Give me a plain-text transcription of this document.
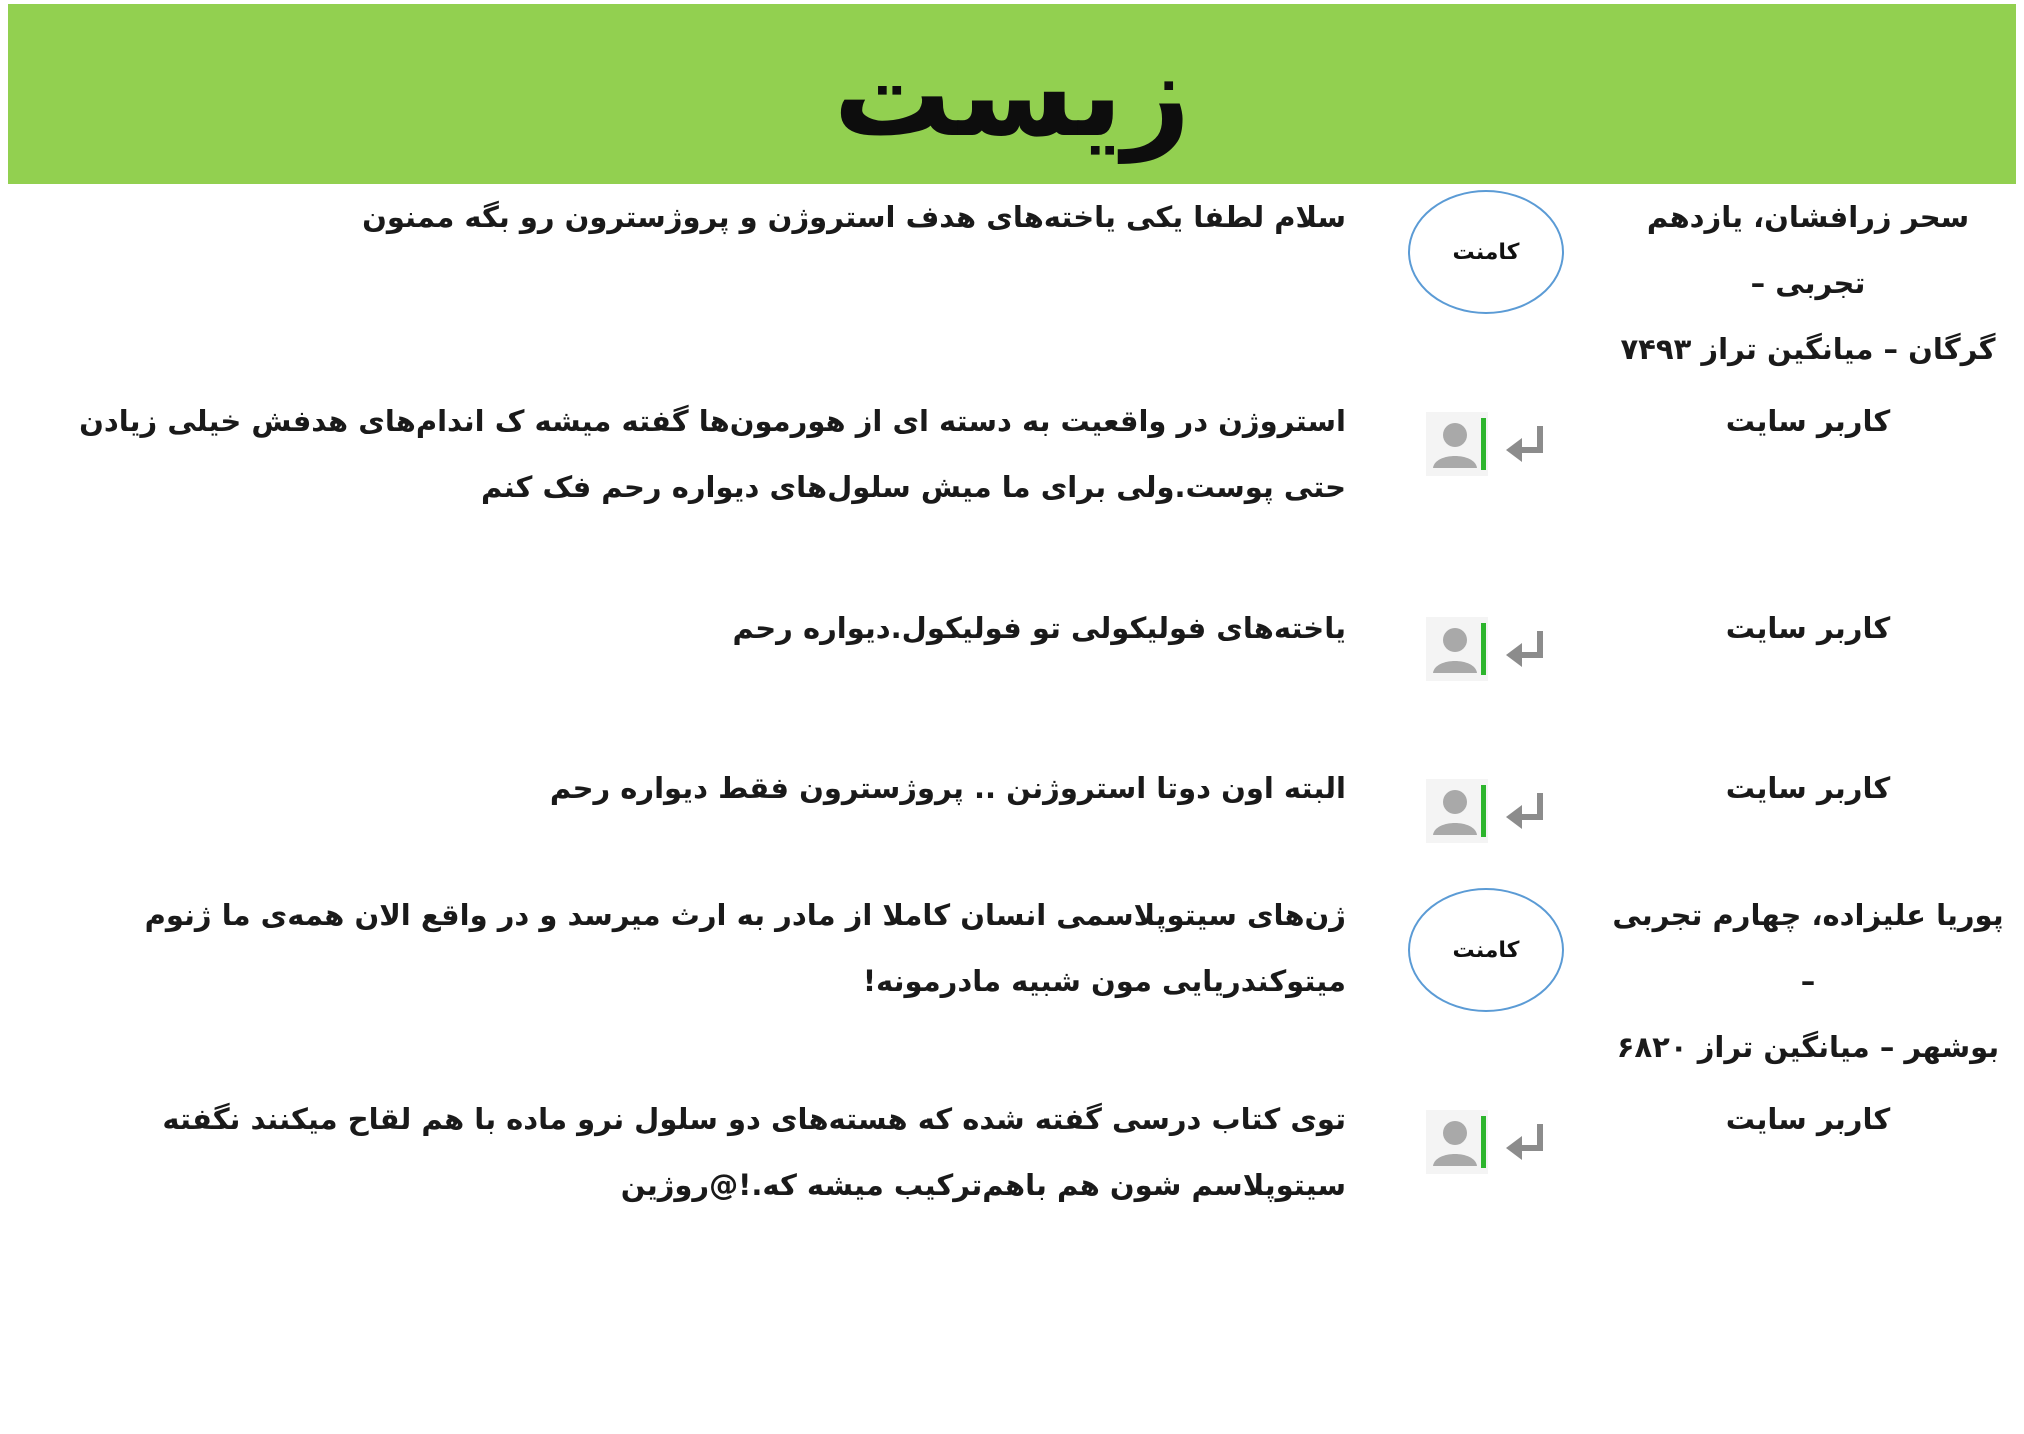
زیست
سحر زرافشان، یازدهم تجربی –
گرگان – میانگین تراز ۷۴۹۳
کامنت
سلام لطفا یکی یاخته‌های هدف استروژن و پروژسترون رو بگه ممنون
کاربر سایت
استروژن در واقعیت به دسته ای از هورمون‌ها گفته میشه ک اندام‌های هدفش خیلی زیادن حتی پوست.ولی برای ما میش سلول‌های دیواره رحم فک کنم
کاربر سایت
یاخته‌های فولیکولی تو فولیکول.دیواره رحم
کاربر سایت
البته اون دوتا استروژنن .. پروژسترون فقط دیواره رحم
پوریا علیزاده، چهارم تجربی –
بوشهر – میانگین تراز ۶۸۲۰
کامنت
ژن‌های سیتوپلاسمی انسان کاملا از مادر به ارث میرسد و در واقع الان همه‌ی ما ژنوم میتوکندریایی مون شبیه مادرمونه!
کاربر سایت
توی کتاب درسی گفته شده که هسته‌های دو سلول نرو ماده با هم لقاح میکنند نگفته سیتوپلاسم شون هم باهم‌ترکیب میشه که.!@روژین
